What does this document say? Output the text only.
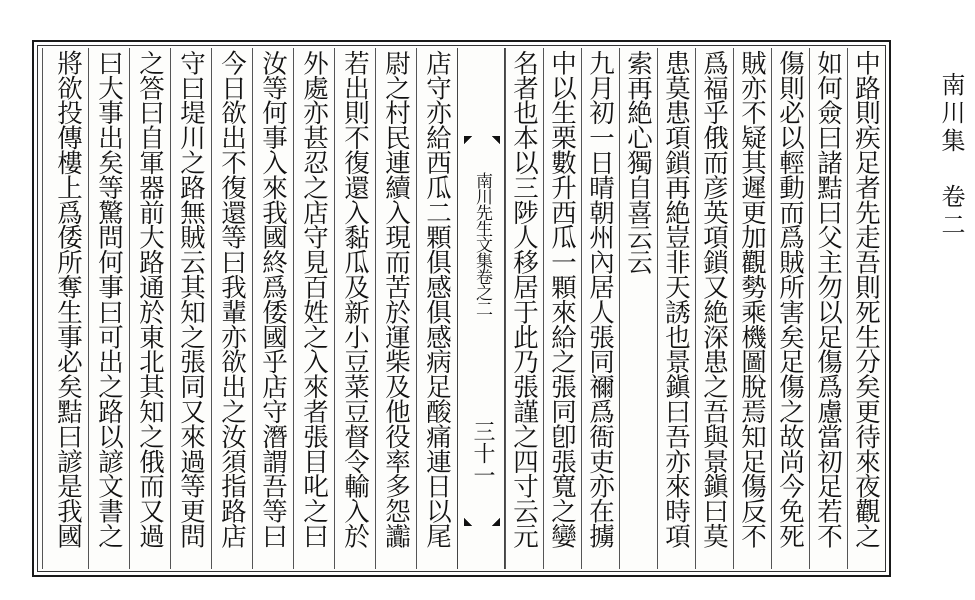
南川集　卷二
中路則疾足者先走吾則死生分矣更待來夜觀之
如何僉曰諸黠曰父主勿以足傷爲慮當初足若不
傷則必以輕動而爲賊所害矣足傷之故尚今免死
賊亦不疑其遲更加觀勢乘機圖脫焉知足傷反不
爲福乎俄而彦英項鎖又絶深患之吾與景鎭曰莫
患莫患項鎖再絶豈非天誘也景鎭曰吾亦來時項
索再絶心獨自喜云云
九月初一日晴朝州內居人張同禰爲衙吏亦在擄
中以生栗數升西瓜一顆來給之張同卽張寬之孌
南川先生文集卷之二
三十一
店守亦給西瓜二顆俱感俱感病足酸痛連日以尾
尉之村民連續入現而苦於運柴及他役率多怨讟
若出則不復還入黏瓜及新小豆菜豆督令輸入於
外處亦甚忍之店守見百姓之入來者張目叱之曰
汝等何事入來我國終爲倭國乎店守潛謂吾等曰
今日欲出不復還等曰我輩亦欲出之汝須指路店
守曰堤川之路無賊云其知之張同又來過等更問
之答曰自軍器前大路通於東北其知之俄而又過
曰大事出矣等驚問何事曰可出之路以諺文書之
將欲投傳樓上爲倭所奪生事必矣黠曰諺是我國	名者也本以三陟人移居于此乃張謹之四寸云元
